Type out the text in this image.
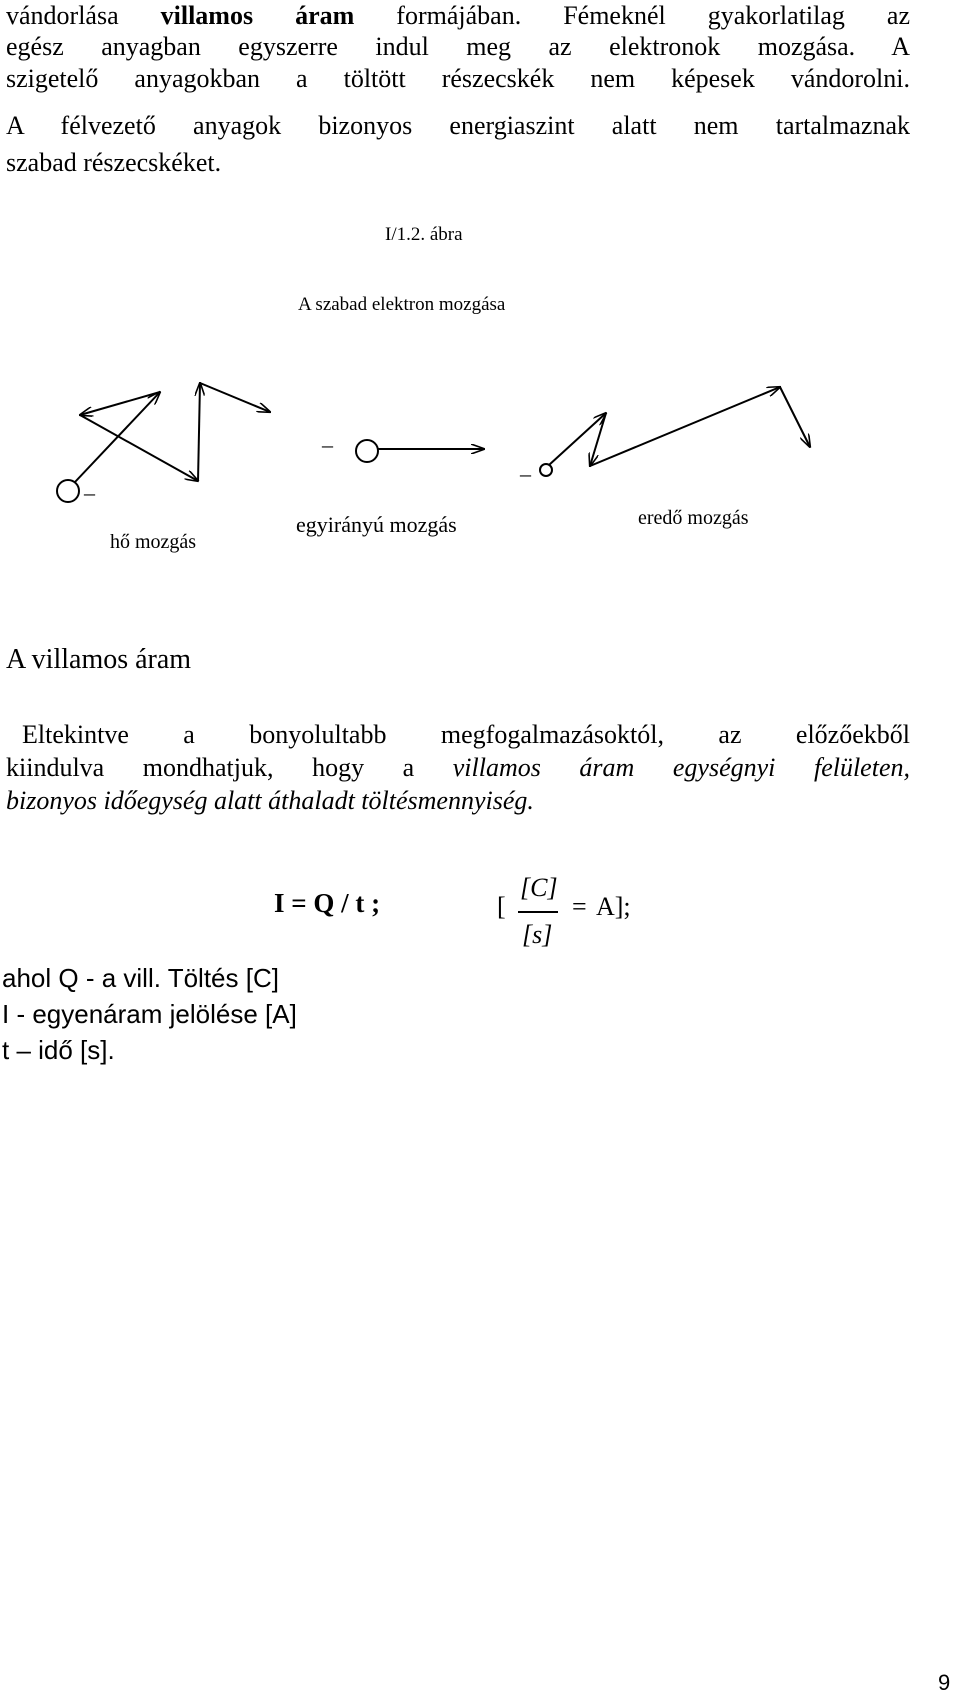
vándorlása villamos áram formájában. Fémeknél gyakorlatilag az
egész anyagban egyszerre indul meg az elektronok mozgása. A
szigetelő anyagokban a töltött részecskék nem képesek vándorolni.
A félvezető anyagok bizonyos energiaszint alatt nem tartalmaznak
szabad részecskéket.
I/1.2. ábra
A szabad elektron mozgása
–
–
–
hő mozgás
egyirányú mozgás	eredő mozgás
A villamos áram
Eltekintve a bonyolultabb megfogalmazásoktól, az előzőekből
kiindulva mondhatjuk, hogy a villamos áram egységnyi felületen,
bizonyos időegység alatt áthaladt töltésmennyiség.
I = Q / t ;	[
[C]
[s]
= A];
ahol Q - a vill. Töltés [C]
I - egyenáram jelölése [A]
t – idő [s].
9
